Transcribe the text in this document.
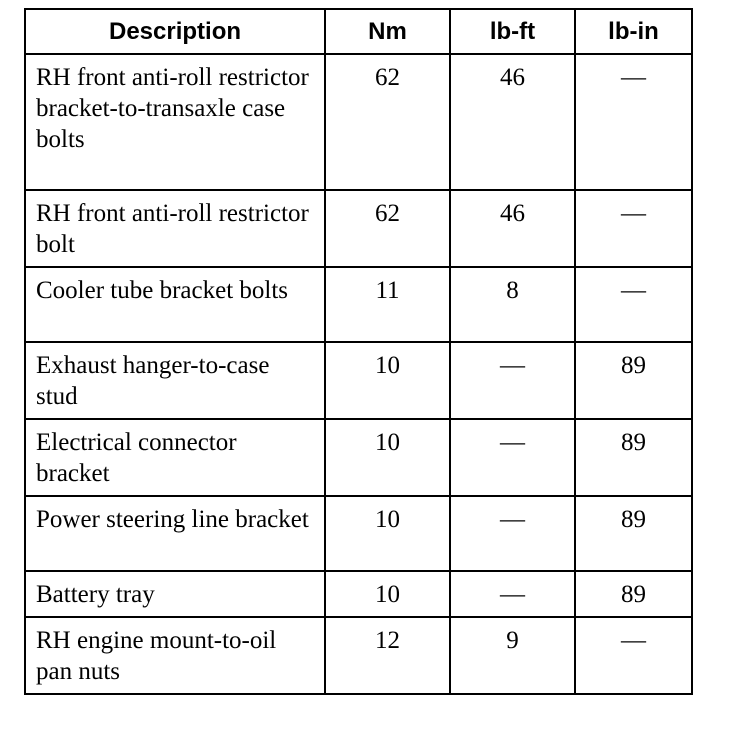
Description	Nm	lb-ft	lb-in
RH front anti-roll restrictor bracket-to-transaxle case bolts	62	46	—
RH front anti-roll restrictor bolt	62	46	—
Cooler tube bracket bolts	11	8	—
Exhaust hanger-to-case stud	10	—	89
Electrical connector bracket	10	—	89
Power steering line bracket	10	—	89
Battery tray	10	—	89
RH engine mount-to-oil pan nuts	12	9	—
